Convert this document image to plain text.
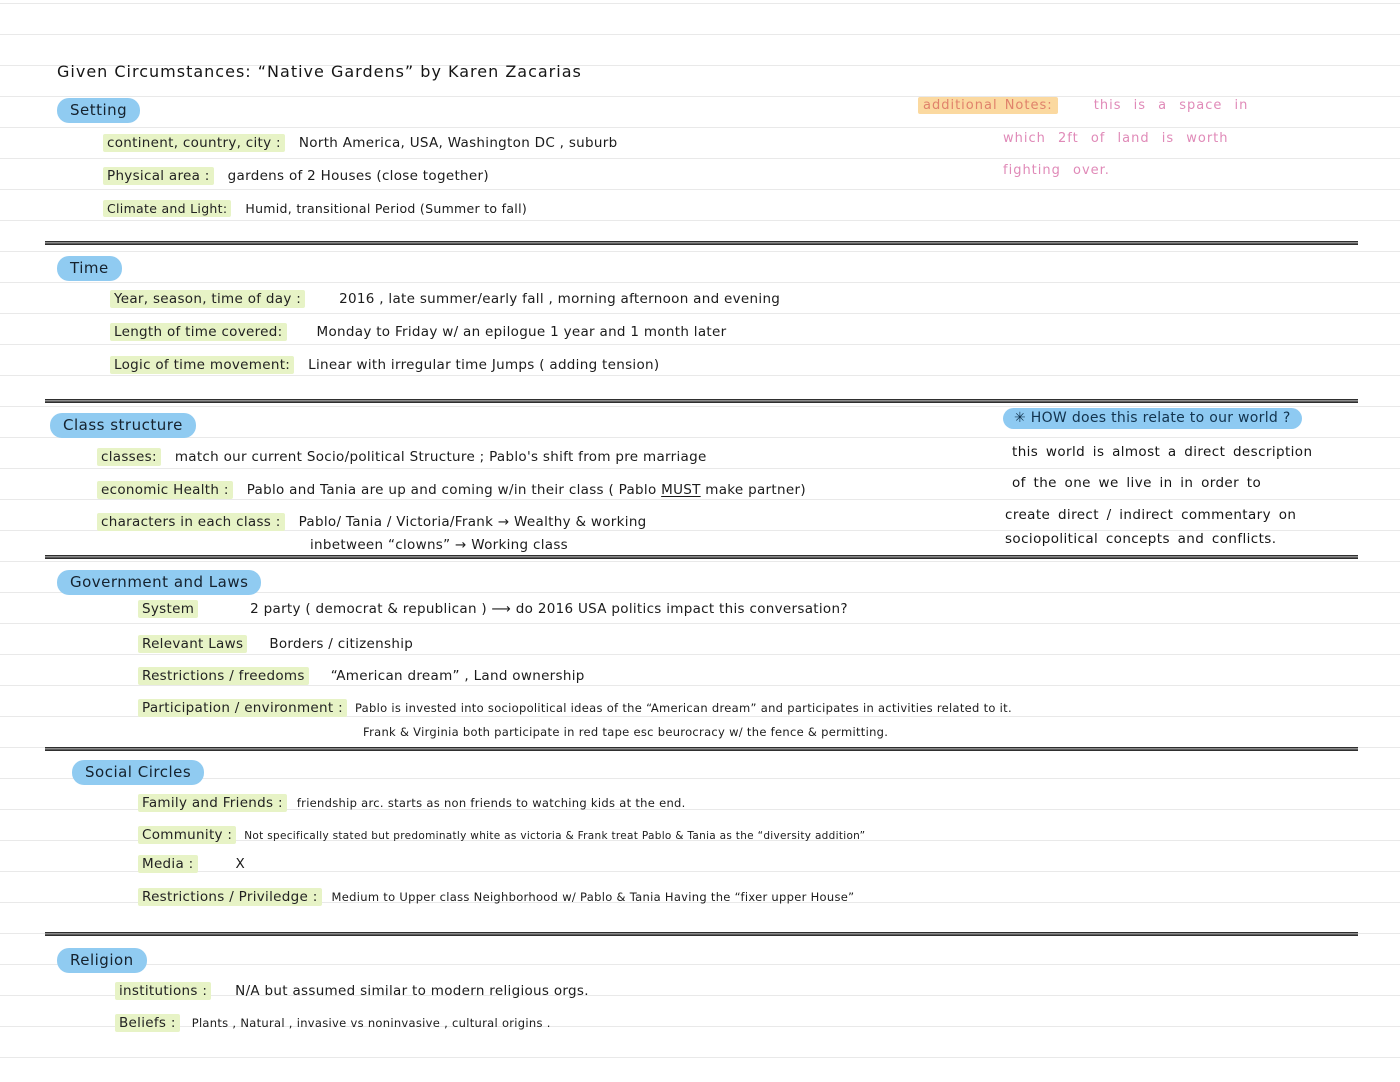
Given Circumstances: “Native Gardens” by Karen Zacarias
Setting
continent, country, city : North America, USA, Washington DC , suburb
Physical area : gardens of 2 Houses (close together)
Climate and Light: Humid, transitional Period (Summer to fall)
additional Notes:	this is a space in
which 2ft of land is worth
fighting over.
Time
Year, season, time of day :	2016 , late summer/early fall , morning afternoon and evening
Length of time covered:	Monday to Friday w/ an epilogue 1 year and 1 month later
Logic of time movement: Linear with irregular time Jumps ( adding tension)
Class structure
classes: match our current Socio/political Structure ; Pablo's shift from pre marriage
economic Health : Pablo and Tania are up and coming w/in their class ( Pablo MUST make partner)
characters in each class : Pablo/ Tania / Victoria/Frank → Wealthy & working
inbetween “clowns” → Working class
✳ HOW does this relate to our world ?
this world is almost a direct description
of the one we live in in order to
create direct / indirect commentary on
sociopolitical concepts and conflicts.
Government and Laws
System	2 party ( democrat & republican ) ⟶ do 2016 USA politics impact this conversation?
Relevant Laws Borders / citizenship
Restrictions / freedoms “American dream” , Land ownership
Participation / environment : Pablo is invested into sociopolitical ideas of the “American dream” and participates in activities related to it.
Frank & Virginia both participate in red tape esc beurocracy w/ the fence & permitting.
Social Circles
Family and Friends : friendship arc. starts as non friends to watching kids at the end.
Community : Not specifically stated but predominatly white as victoria & Frank treat Pablo & Tania as the “diversity addition”
Media :	X
Restrictions / Priviledge : Medium to Upper class Neighborhood w/ Pablo & Tania Having the “fixer upper House”
Religion
institutions : N/A but assumed similar to modern religious orgs.
Beliefs : Plants , Natural , invasive vs noninvasive , cultural origins .
